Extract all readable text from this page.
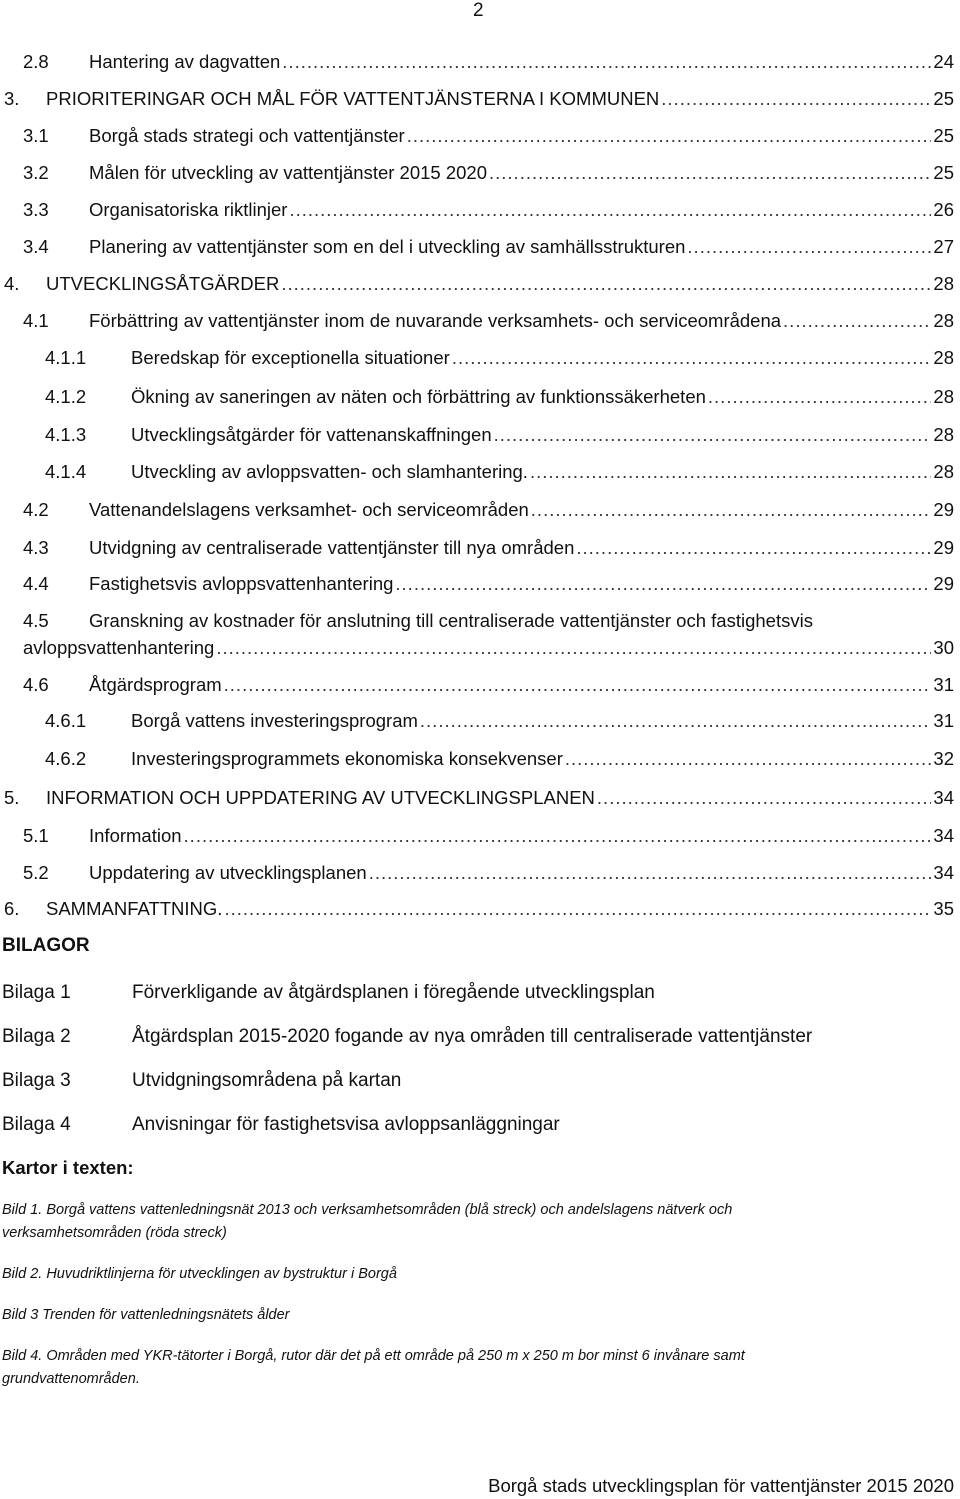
2
2.8	Hantering av dagvatten .....	24
3.	PRIORITERINGAR OCH MÅL FÖR VATTENTJÄNSTERNA I KOMMUNEN .....	25
3.1	Borgå stads strategi och vattentjänster .....	25
3.2	Målen för utveckling av vattentjänster 2015 2020 .....	25
3.3	Organisatoriska riktlinjer .....	26
3.4	Planering av vattentjänster som en del i utveckling av samhällsstrukturen .....	27
4.	UTVECKLINGSÅTGÄRDER .....	28
4.1	Förbättring av vattentjänster inom de nuvarande verksamhets- och serviceområdena .....	28
4.1.1	Beredskap för exceptionella situationer .....	28
4.1.2	Ökning av saneringen av näten och förbättring av funktionssäkerheten .....	28
4.1.3	Utvecklingsåtgärder för vattenanskaffningen .....	28
4.1.4	Utveckling av avloppsvatten- och slamhantering. .....	28
4.2	Vattenandelslagens verksamhet- och serviceområden .....	29
4.3	Utvidgning av centraliserade vattentjänster till nya områden .....	29
4.4	Fastighetsvis avloppsvattenhantering .....	29
4.5 Granskning av kostnader för anslutning till centraliserade vattentjänster och fastighetsvis
avloppsvattenhantering .....	30
4.6	Åtgärdsprogram .....	31
4.6.1	Borgå vattens investeringsprogram .....	31
4.6.2	Investeringsprogrammets ekonomiska konsekvenser .....	32
5.	INFORMATION OCH UPPDATERING AV UTVECKLINGSPLANEN .....	34
5.1	Information .....	34
5.2	Uppdatering av utvecklingsplanen .....	34
6.	SAMMANFATTNING. .....	35
BILAGOR
Bilaga 1	Förverkligande av åtgärdsplanen i föregående utvecklingsplan
Bilaga 2	Åtgärdsplan 2015-2020 fogande av nya områden till centraliserade vattentjänster
Bilaga 3	Utvidgningsområdena på kartan
Bilaga 4	Anvisningar för fastighetsvisa avloppsanläggningar
Kartor i texten:
Bild 1. Borgå vattens vattenledningsnät 2013 och verksamhetsområden (blå streck) och andelslagens nätverk och verksamhetsområden (röda streck)
Bild 2. Huvudriktlinjerna för utvecklingen av bystruktur i Borgå
Bild 3 Trenden för vattenledningsnätets ålder
Bild 4. Områden med YKR-tätorter i Borgå, rutor där det på ett område på 250 m x 250 m bor minst 6 invånare samt grundvattenområden.
Borgå stads utvecklingsplan för vattentjänster 2015 2020
